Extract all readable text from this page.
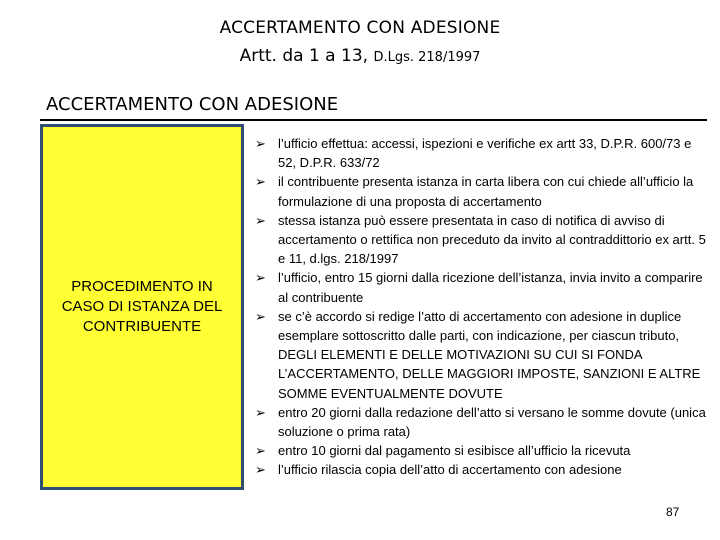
ACCERTAMENTO CON ADESIONE
Artt. da 1 a 13, D.Lgs. 218/1997
ACCERTAMENTO CON ADESIONE
PROCEDIMENTO IN CASO DI ISTANZA DEL CONTRIBUENTE
➢ l’ufficio effettua: accessi, ispezioni e verifiche ex artt 33, D.P.R. 600/73 e 52, D.P.R. 633/72
➢ il contribuente presenta istanza in carta libera con cui chiede all’ufficio la formulazione di una proposta di accertamento
➢ stessa istanza può essere presentata in caso di notifica di avviso di accertamento o rettifica non preceduto da invito al contraddittorio ex artt. 5 e 11, d.lgs. 218/1997
➢ l’ufficio, entro 15 giorni dalla ricezione dell’istanza, invia invito a comparire al contribuente
➢ se c’è accordo si redige l’atto di accertamento con adesione in duplice esemplare sottoscritto dalle parti, con indicazione, per ciascun tributo, DEGLI ELEMENTI E DELLE MOTIVAZIONI SU CUI SI FONDA L’ACCERTAMENTO, DELLE MAGGIORI IMPOSTE, SANZIONI E ALTRE SOMME EVENTUALMENTE DOVUTE
➢ entro 20 giorni dalla redazione dell’atto si versano le somme dovute (unica soluzione o prima rata)
➢ entro 10 giorni dal pagamento si esibisce all’ufficio la ricevuta
➢ l’ufficio rilascia copia dell’atto di accertamento con adesione
87
